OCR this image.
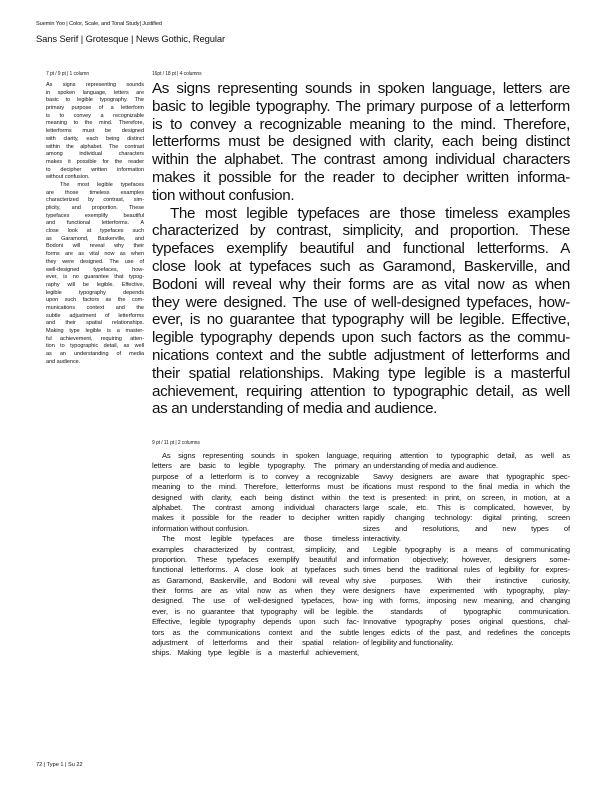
Suemin Yoo | Color, Scale, and Tonal Study| Justified
Sans Serif | Grotesque | News Gothic, Regular
7 pt / 9 pt | 1 column
As signs representing sounds
in spoken language, letters are
basic to legible typography. The
primary purpose of a letterform
is to convey a recognizable
meaning to the mind. Therefore,
letterforms must be designed
with clarity, each being distinct
within the alphabet. The contrast
among individual characters
makes it possible for the reader
to decipher written information
without confusion.
The most legible typefaces
are those timeless examples
characterized by contrast, sim-
plicity, and proportion. These
typefaces exemplify beautiful
and functional letterforms. A
close look at typefaces such
as Garamond, Baskerville, and
Bodoni will reveal why their
forms are as vital now as when
they were designed. The use of
well-designed typefaces, how-
ever, is no guarantee that typog-
raphy will be legible. Effective,
legible typography depends
upon such factors as the com-
munications context and the
subtle adjustment of letterforms
and their spatial relationships.
Making type legible is a master-
ful achievement, requiring atten-
tion to typographic detail, as well
as an understanding of media
and audience.
16pt / 18 pt | 4 columns
As signs representing sounds in spoken language, letters are
basic to legible typography. The primary purpose of a letterform
is to convey a recognizable meaning to the mind. Therefore,
letterforms must be designed with clarity, each being distinct
within the alphabet. The contrast among individual characters
makes it possible for the reader to decipher written informa-
tion without confusion.
The most legible typefaces are those timeless examples
characterized by contrast, simplicity, and proportion. These
typefaces exemplify beautiful and functional letterforms. A
close look at typefaces such as Garamond, Baskerville, and
Bodoni will reveal why their forms are as vital now as when
they were designed. The use of well-designed typefaces, how-
ever, is no guarantee that typography will be legible. Effective,
legible typography depends upon such factors as the commu-
nications context and the subtle adjustment of letterforms and
their spatial relationships. Making type legible is a masterful
achievement, requiring attention to typographic detail, as well
as an understanding of media and audience.
9 pt / 11 pt | 2 columns
As signs representing sounds in spoken language,
letters are basic to legible typography. The primary
purpose of a letterform is to convey a recognizable
meaning to the mind. Therefore, letterforms must be
designed with clarity, each being distinct within the
alphabet. The contrast among individual characters
makes it possible for the reader to decipher written
information without confusion.
The most legible typefaces are those timeless
examples characterized by contrast, simplicity, and
proportion. These typefaces exemplify beautiful and
functional letterforms. A close look at typefaces such
as Garamond, Baskerville, and Bodoni will reveal why
their forms are as vital now as when they were
designed. The use of well-designed typefaces, how-
ever, is no guarantee that typography will be legible.
Effective, legible typography depends upon such fac-
tors as the communications context and the subtle
adjustment of letterforms and their spatial relation-
ships. Making type legible is a masterful achievement,
requiring attention to typographic detail, as well as
an understanding of media and audience.
Savvy designers are aware that typographic spec-
ifications must respond to the final media in which the
text is presented: in print, on screen, in motion, at a
large scale, etc. This is complicated, however, by
rapidly changing technology: digital printing, screen
sizes and resolutions, and new types of
interactivity.
Legible typography is a means of communicating
information objectively; however, designers some-
times bend the traditional rules of legibility for expres-
sive purposes. With their instinctive curiosity,
designers have experimented with typography, play-
ing with forms, imposing new meaning, and changing
the standards of typographic communication.
Innovative typography poses original questions, chal-
lenges edicts of the past, and redefines the concepts
of legibility and functionality.
72 | Type 1 | Su 22
